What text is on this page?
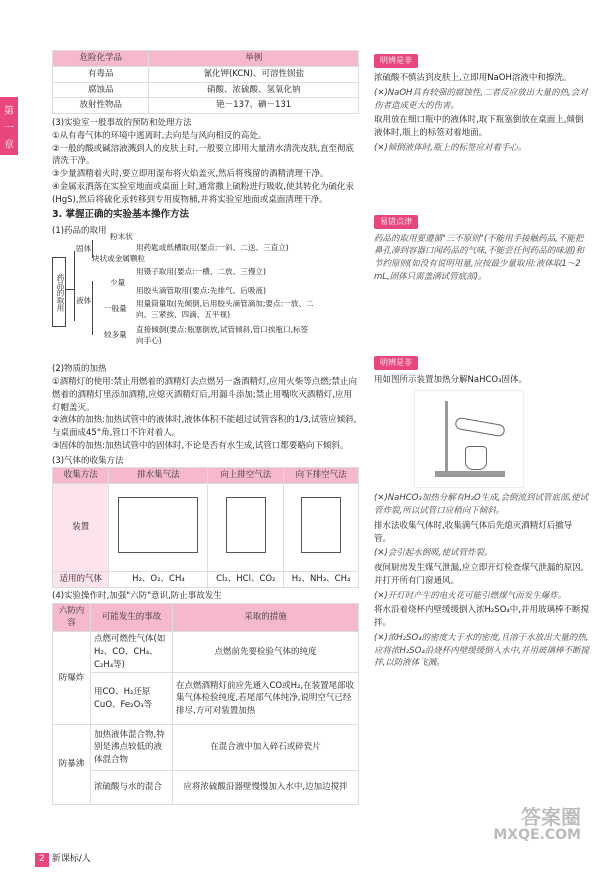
第一章
危险化学品	举例
有毒品	氰化钾(KCN)、可溶性钡盐
腐蚀品	硝酸、浓硫酸、氢氧化钠
放射性物品	铯－137、碘－131

(3)实验室一般事故的预防和处理方法

①从有毒气体的环境中逃离时,去向是与风向相反的高处。

②一般的酸或碱溶液溅到人的皮肤上时,一般要立即用大量清水清洗皮肤,直至彻底清洗干净。

③少量酒精着火时,要立即用湿布将火焰盖灭,然后将残留的酒精清理干净。

④金属汞洒落在实验室地面或桌面上时,通常撒上硫粉进行吸收,使其转化为硫化汞(HgS),然后将硫化汞转移到专用废物桶,并将实验室地面或桌面清理干净。

3. 掌握正确的实验基本操作方法

(1)药品的取用

药品的取用
固体
粉末状
用药匙或纸槽取用(要点:一斜、二送、三直立)
块状或金属颗粒
用镊子取用(要点:一横、二放、三慢立)
液体
少量
用胶头滴管取用(要点:先排气、后吸液)
一般量
用量筒量取(先倾倒,后用胶头滴管滴加;要点:一放、二向、三紧挨、四滴、五平视)
较多量
直接倾倒(要点:瓶塞倒放,试管倾斜,管口挨瓶口,标签向手心)

(2)物质的加热

①酒精灯的使用:禁止用燃着的酒精灯去点燃另一盏酒精灯,应用火柴等点燃;禁止向燃着的酒精灯里添加酒精,应熄灭酒精灯后,用漏斗添加;禁止用嘴吹灭酒精灯,应用灯帽盖灭。

②液体的加热:加热试管中的液体时,液体体积不能超过试管容积的1/3,试管应倾斜,与桌面成45°角,管口不许对着人。

③固体的加热:加热试管中的固体时,不论是否有水生成,试管口都要略向下倾斜。

(3)气体的收集方法

收集方法	排水集气法	向上排空气法	向下排空气法
装置			
适用的气体	H₂、O₂、CH₄	Cl₂、HCl、CO₂	H₂、NH₃、CH₄

(4)实验操作时,加强"六防"意识,防止事故发生

六防内容	可能发生的事故	采取的措施
防爆炸	点燃可燃性气体(如H₂、CO、CH₄、C₂H₄等)	点燃前先要检验气体的纯度
	用CO、H₂还原CuO、Fe₂O₃等	在点燃酒精灯前应先通入CO或H₂,在装置尾部收集气体检验纯度,若尾部气体纯净,说明空气已经排尽,方可对装置加热
防暴沸	加热液体混合物,特别是沸点较低的液体混合物	在混合液中加入碎石或碎瓷片
	浓硫酸与水的混合	应将浓硫酸沿器壁慢慢加入水中,边加边搅拌
明辨是非

浓硫酸不慎沾到皮肤上,立即用NaOH溶液中和擦洗。

(✕)NaOH具有较强的腐蚀性,二者反应放出大量的热,会对伤者造成更大的伤害。

取用放在细口瓶中的液体时,取下瓶塞倒放在桌面上,倾倒液体时,瓶上的标签对着地面。

(✕)倾倒液体时,瓶上的标签应对着手心。

易错点津

药品的取用要遵循"三不原则"(不能用手接触药品,不能把鼻孔凑到容器口闻药品的气味,不能尝任何药品的味道)和节约原则(如没有说明用量,应按最少量取用:液体取1～2 mL,固体只需盖满试管底部)。

明辨是非

用如图所示装置加热分解NaHCO₃固体。

(✕)NaHCO₃加热分解有H₂O生成,会倒流到试管底部,使试管炸裂,所以试管口应稍向下倾斜。

排水法收集气体时,收集满气体后先熄灭酒精灯后撤导管。

(✕)会引起水倒吸,使试管炸裂。

夜间厨房发生煤气泄漏,应立即开灯检查煤气泄漏的原因,并打开所有门窗通风。

(✕)开灯时产生的电火花可能引燃煤气而发生爆炸。

将水沿着烧杯内壁缓缓倒入浓H₂SO₄中,并用玻璃棒不断搅拌。

(✕)浓H₂SO₄的密度大于水的密度,且溶于水放出大量的热,应将浓H₂SO₄沿烧杯内壁缓缓倒入水中,并用玻璃棒不断搅拌,以防液体飞溅。

2 新课标/人
答案圈
MXQE.COM
